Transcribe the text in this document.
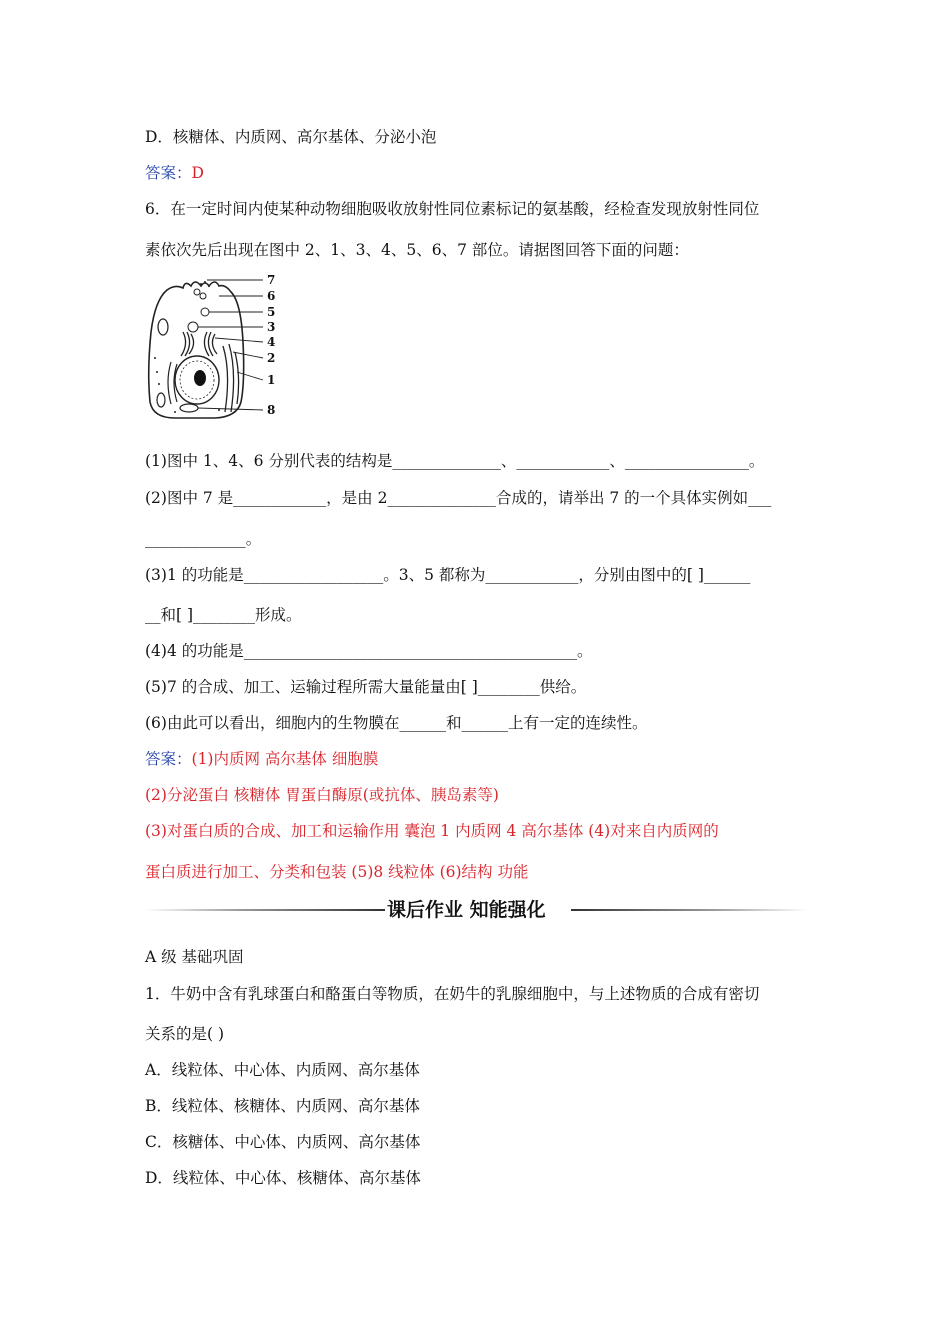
D．核糖体、内质网、高尔基体、分泌小泡
答案：D
6．在一定时间内使某种动物细胞吸收放射性同位素标记的氨基酸，经检查发现放射性同位
素依次先后出现在图中 2、1、3、4、5、6、7 部位。请据图回答下面的问题：
7
6
5
3
4
2
1
8
(1)图中 1、4、6 分别代表的结构是______________、____________、________________。
(2)图中 7 是____________，是由 2______________合成的，请举出 7 的一个具体实例如___
_____________。
(3)1 的功能是__________________。3、5 都称为____________，分别由图中的[ ]______
__和[ ]________形成。
(4)4 的功能是___________________________________________。
(5)7 的合成、加工、运输过程所需大量能量由[ ]________供给。
(6)由此可以看出，细胞内的生物膜在______和______上有一定的连续性。
答案：(1)内质网 高尔基体 细胞膜
(2)分泌蛋白 核糖体 胃蛋白酶原(或抗体、胰岛素等)
(3)对蛋白质的合成、加工和运输作用 囊泡 1 内质网 4 高尔基体 (4)对来自内质网的
蛋白质进行加工、分类和包装 (5)8 线粒体 (6)结构 功能
课后作业 知能强化
A 级 基础巩固
1．牛奶中含有乳球蛋白和酪蛋白等物质，在奶牛的乳腺细胞中，与上述物质的合成有密切
关系的是( )
A．线粒体、中心体、内质网、高尔基体
B．线粒体、核糖体、内质网、高尔基体
C．核糖体、中心体、内质网、高尔基体
D．线粒体、中心体、核糖体、高尔基体
